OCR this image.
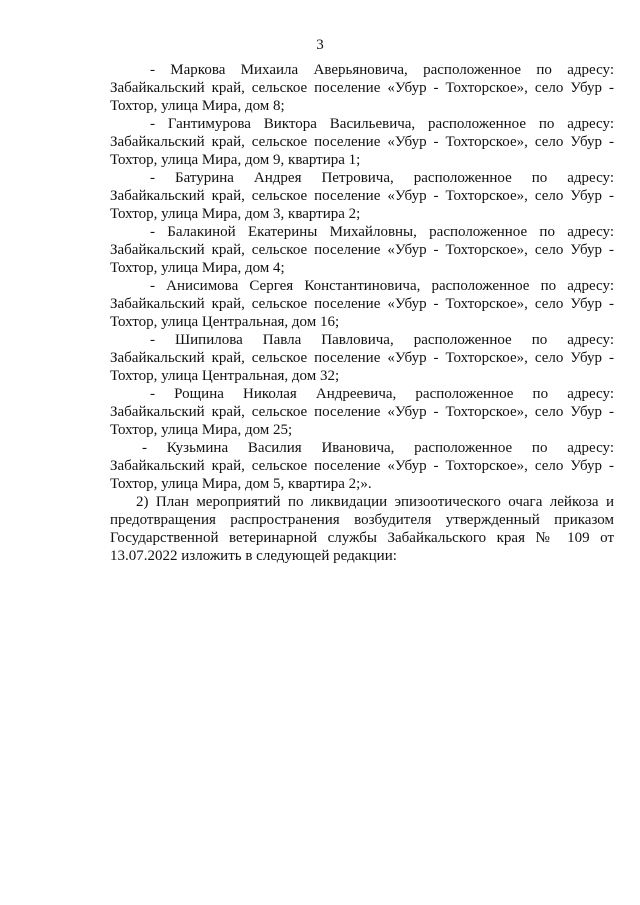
3

- Маркова Михаила Аверьяновича, расположенное по адресу: Забайкальский край, сельское поселение «Убур - Тохторское», село Убур - Тохтор, улица Мира, дом 8;

- Гантимурова Виктора Васильевича, расположенное по адресу: Забайкальский край, сельское поселение «Убур - Тохторское», село Убур - Тохтор, улица Мира, дом 9, квартира 1;

- Батурина Андрея Петровича, расположенное по адресу: Забайкальский край, сельское поселение «Убур - Тохторское», село Убур - Тохтор, улица Мира, дом 3, квартира 2;

- Балакиной Екатерины Михайловны, расположенное по адресу: Забайкальский край, сельское поселение «Убур - Тохторское», село Убур - Тохтор, улица Мира, дом 4;

- Анисимова Сергея Константиновича, расположенное по адресу: Забайкальский край, сельское поселение «Убур - Тохторское», село Убур - Тохтор, улица Центральная, дом 16;

- Шипилова Павла Павловича, расположенное по адресу: Забайкальский край, сельское поселение «Убур - Тохторское», село Убур - Тохтор, улица Центральная, дом 32;

- Рощина Николая Андреевича, расположенное по адресу: Забайкальский край, сельское поселение «Убур - Тохторское», село Убур - Тохтор, улица Мира, дом 25;

- Кузьмина Василия Ивановича, расположенное по адресу: Забайкальский край, сельское поселение «Убур - Тохторское», село Убур - Тохтор, улица Мира, дом 5, квартира 2;».

2) План мероприятий по ликвидации эпизоотического очага лейкоза и предотвращения распространения возбудителя утвержденный приказом Государственной ветеринарной службы Забайкальского края № 109 от 13.07.2022 изложить в следующей редакции:
